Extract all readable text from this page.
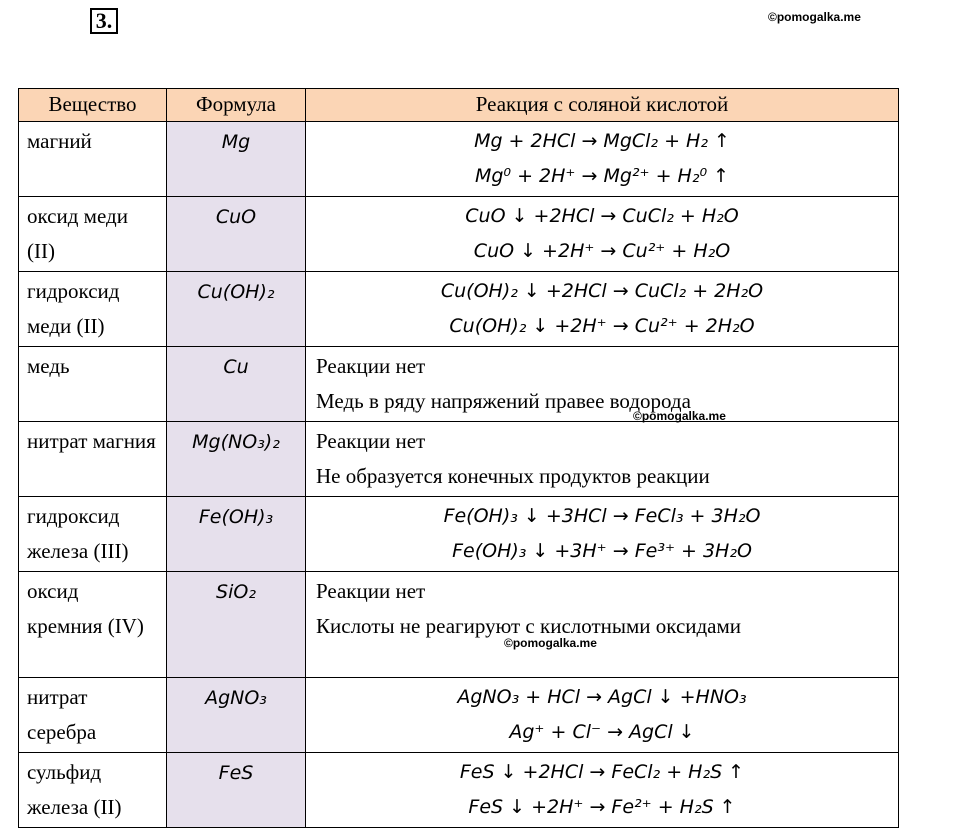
3.	©pomogalka.me
©pomogalka.me
©pomogalka.me
Вещество	Формула	Реакция с соляной кислотой
магний	Mg	Mg + 2HCl → MgCl₂ + H₂ ↑
Mg⁰ + 2H⁺ → Mg²⁺ + H₂⁰ ↑

оксид меди (II)	CuO	CuO ↓ +2HCl → CuCl₂ + H₂O
CuO ↓ +2H⁺ → Cu²⁺ + H₂O

гидроксид меди (II)	Cu(OH)₂	Cu(OH)₂ ↓ +2HCl → CuCl₂ + 2H₂O
Cu(OH)₂ ↓ +2H⁺ → Cu²⁺ + 2H₂O

медь	Cu	Реакции нет
Медь в ряду напряжений правее водорода

нитрат магния	Mg(NO₃)₂	Реакции нет
Не образуется конечных продуктов реакции

гидроксид железа (III)	Fe(OH)₃	Fe(OH)₃ ↓ +3HCl → FeCl₃ + 3H₂O
Fe(OH)₃ ↓ +3H⁺ → Fe³⁺ + 3H₂O

оксид кремния (IV)	SiO₂	Реакции нет
Кислоты не реагируют с кислотными оксидами

нитрат серебра	AgNO₃	AgNO₃ + HCl → AgCl ↓ +HNO₃
Ag⁺ + Cl⁻ → AgCl ↓

сульфид железа (II)	FeS	FeS ↓ +2HCl → FeCl₂ + H₂S ↑
FeS ↓ +2H⁺ → Fe²⁺ + H₂S ↑
